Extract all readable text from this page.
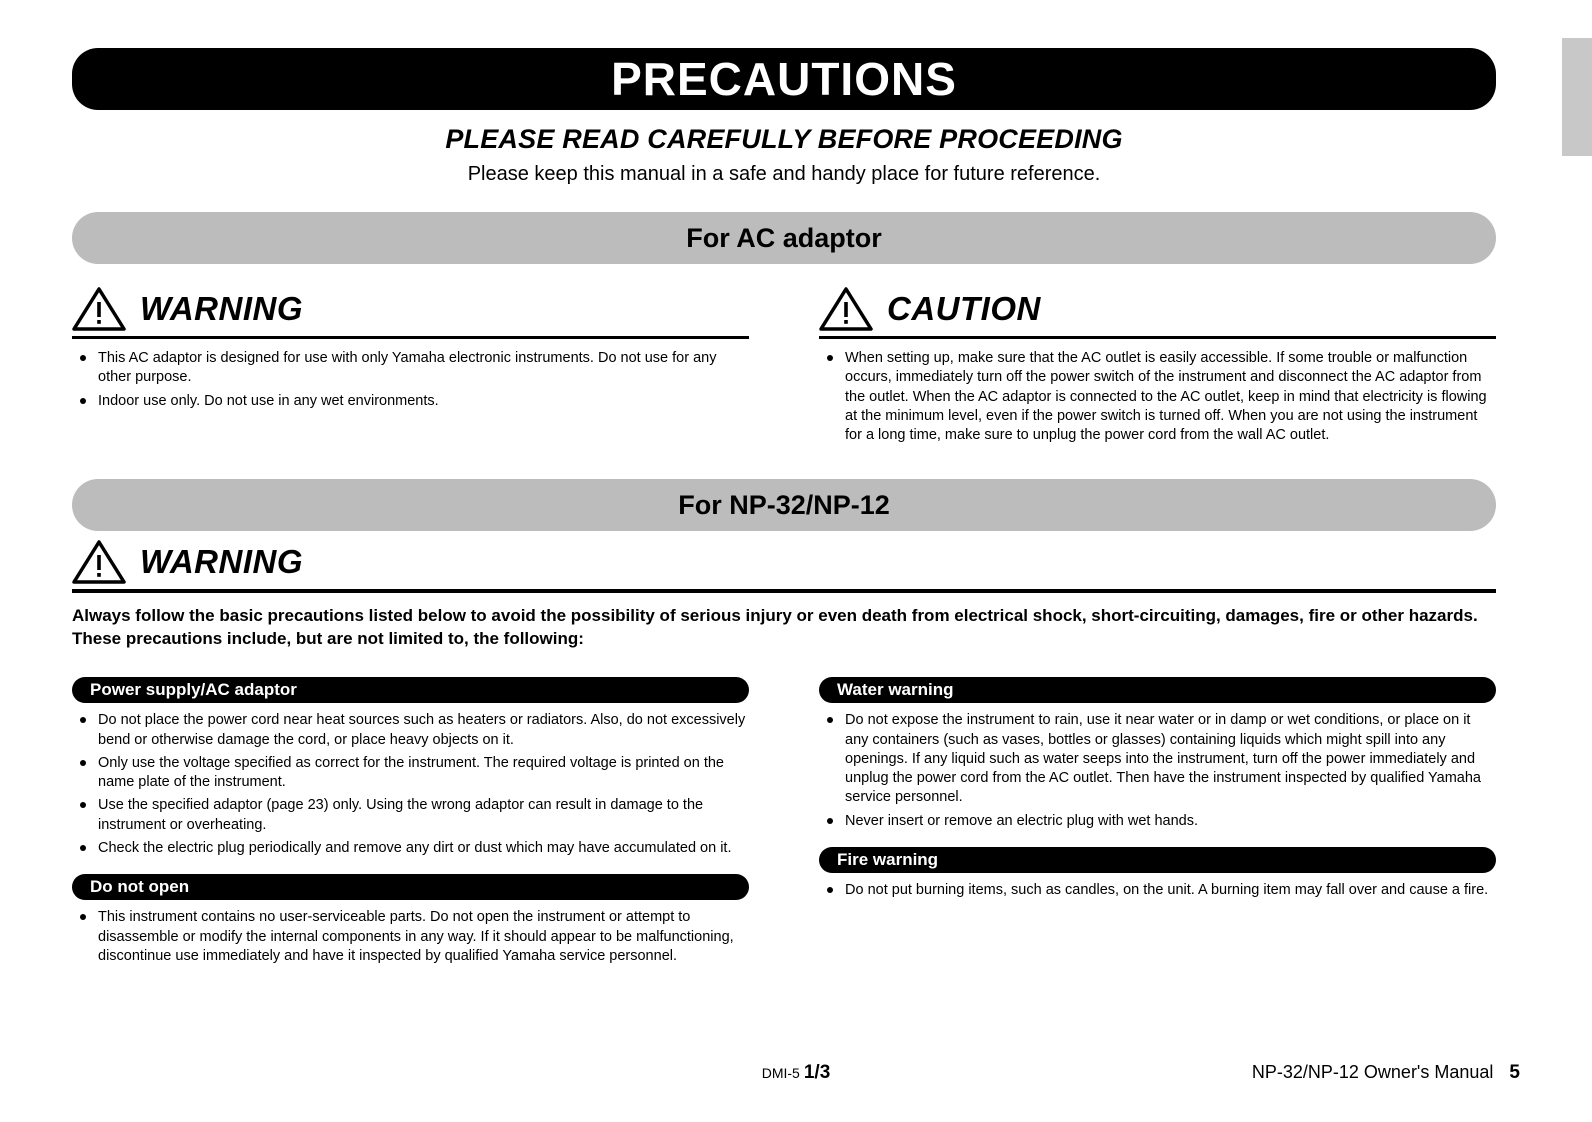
PRECAUTIONS
PLEASE READ CAREFULLY BEFORE PROCEEDING
Please keep this manual in a safe and handy place for future reference.
For AC adaptor
WARNING
This AC adaptor is designed for use with only Yamaha electronic instruments. Do not use for any other purpose.
Indoor use only. Do not use in any wet environments.
CAUTION
When setting up, make sure that the AC outlet is easily accessible. If some trouble or malfunction occurs, immediately turn off the power switch of the instrument and disconnect the AC adaptor from the outlet. When the AC adaptor is connected to the AC outlet, keep in mind that electricity is flowing at the minimum level, even if the power switch is turned off. When you are not using the instrument for a long time, make sure to unplug the power cord from the wall AC outlet.
For NP-32/NP-12
WARNING

Always follow the basic precautions listed below to avoid the possibility of serious injury or even death from electrical shock, short-circuiting, damages, fire or other hazards. These precautions include, but are not limited to, the following:

Power supply/AC adaptor
Do not place the power cord near heat sources such as heaters or radiators. Also, do not excessively bend or otherwise damage the cord, or place heavy objects on it.
Only use the voltage specified as correct for the instrument. The required voltage is printed on the name plate of the instrument.
Use the specified adaptor (page 23) only. Using the wrong adaptor can result in damage to the instrument or overheating.
Check the electric plug periodically and remove any dirt or dust which may have accumulated on it.
Do not open
This instrument contains no user-serviceable parts. Do not open the instrument or attempt to disassemble or modify the internal components in any way. If it should appear to be malfunctioning, discontinue use immediately and have it inspected by qualified Yamaha service personnel.
Water warning
Do not expose the instrument to rain, use it near water or in damp or wet conditions, or place on it any containers (such as vases, bottles or glasses) containing liquids which might spill into any openings. If any liquid such as water seeps into the instrument, turn off the power immediately and unplug the power cord from the AC outlet. Then have the instrument inspected by qualified Yamaha service personnel.
Never insert or remove an electric plug with wet hands.
Fire warning
Do not put burning items, such as candles, on the unit. A burning item may fall over and cause a fire.
DMI-5 1/3	NP-32/NP-12 Owner's Manual 5
